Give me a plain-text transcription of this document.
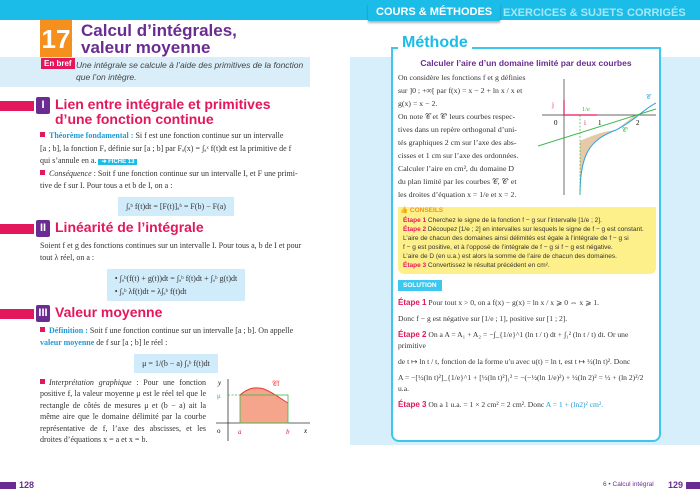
17 Calcul d’intégrales,
valeur moyenne
En bref Une intégrale se calcule à l’aide des primitives de la fonction que l’on intègre.
I Lien entre intégrale et primitives
d’une fonction continue
Théorème fondamental : Si f est une fonction continue sur un intervalle
[a ; b], la fonction Fₐ définie sur [a ; b] par Fₐ(x) = ∫ₐˣ f(t)dt est la primitive de f
qui s’annule en a. ➔ FICHE 13
Conséquence : Soit f une fonction continue sur un intervalle I, et F une primi-
tive de f sur I. Pour tous a et b de I, on a :
∫ₐᵇ f(t)dt = [F(t)]ₐᵇ = F(b) − F(a)
II Linéarité de l’intégrale
Soient f et g des fonctions continues sur un intervalle I. Pour tous a, b de I et pour
tout λ réel, on a :
• ∫ₐᵇ(f(t) + g(t))dt = ∫ₐᵇ f(t)dt + ∫ₐᵇ g(t)dt
• ∫ₐᵇ λf(t)dt = λ∫ₐᵇ f(t)dt
III Valeur moyenne
Définition : Soit f une fonction continue sur un intervalle [a ; b]. On appelle
valeur moyenne de f sur [a ; b] le réel :
μ = 1/(b − a) ∫ₐᵇ f(t)dt
Interprétation graphique : Pour une fonction positive f, la valeur moyenne μ est le réel tel que le rectangle de côtés de mesures μ et (b − a) ait la même aire que le domaine délimité par la courbe représentative de f, l’axe des abscisses, et les droites d’équations x = a et x = b.
y
μ
o	a	b x
𝒞f
128
COURS & MÉTHODES EXERCICES & SUJETS CORRIGÉS
Méthode
Calculer l’aire d’un domaine limité par deux courbes
On considère les fonctions f et g définies
sur ]0 ; +∞[ par f(x) = x − 2 + ln x / x et
g(x) = x − 2.
On note 𝒞 et 𝒞′ leurs courbes respec-
tives dans un repère orthogonal d’uni-
tés graphiques 2 cm sur l’axe des abs-
cisses et 1 cm sur l’axe des ordonnées.
Calculer l’aire en cm², du domaine D
du plan limité par les courbes 𝒞, 𝒞′ et
les droites d’équation x = 1/e et x = 2.
j
i
0
1/e
1	2
𝒞
𝒞′
👍 CONSEILS
Étape 1 Cherchez le signe de la fonction f − g sur l’intervalle [1/e ; 2].
Étape 2 Découpez [1/e ; 2] en intervalles sur lesquels le signe de f − g est constant.
L’aire de chacun des domaines ainsi délimités est égale à l’intégrale de f − g si
f − g est positive, et à l’opposé de l’intégrale de f − g si f − g est négative.
L’aire de D (en u.a.) est alors la somme de l’aire de chacun des domaines.
Étape 3 Convertissez le résultat précédent en cm².
SOLUTION
Étape 1 Pour tout x > 0, on a f(x) − g(x) = ln x / x ⩾ 0 ⇔ x ⩾ 1.
Donc f − g est négative sur [1/e ; 1], positive sur [1 ; 2].
Étape 2 On a A = A₁ + A₂ = −∫_{1/e}^1 (ln t / t) dt + ∫₁² (ln t / t) dt. Or une primitive
de t ↦ ln t / t, fonction de la forme u′u avec u(t) = ln t, est t ↦ ½(ln t)². Donc
A = −[½(ln t)²]_{1/e}^1 + [½(ln t)²]₁² = −(−½(ln 1/e)²) + ½(ln 2)² = ½ + (ln 2)²/2 u.a.
Étape 3 On a 1 u.a. = 1 × 2 cm² = 2 cm². Donc A = 1 + (ln2)² cm².
6 • Calcul intégral 129
